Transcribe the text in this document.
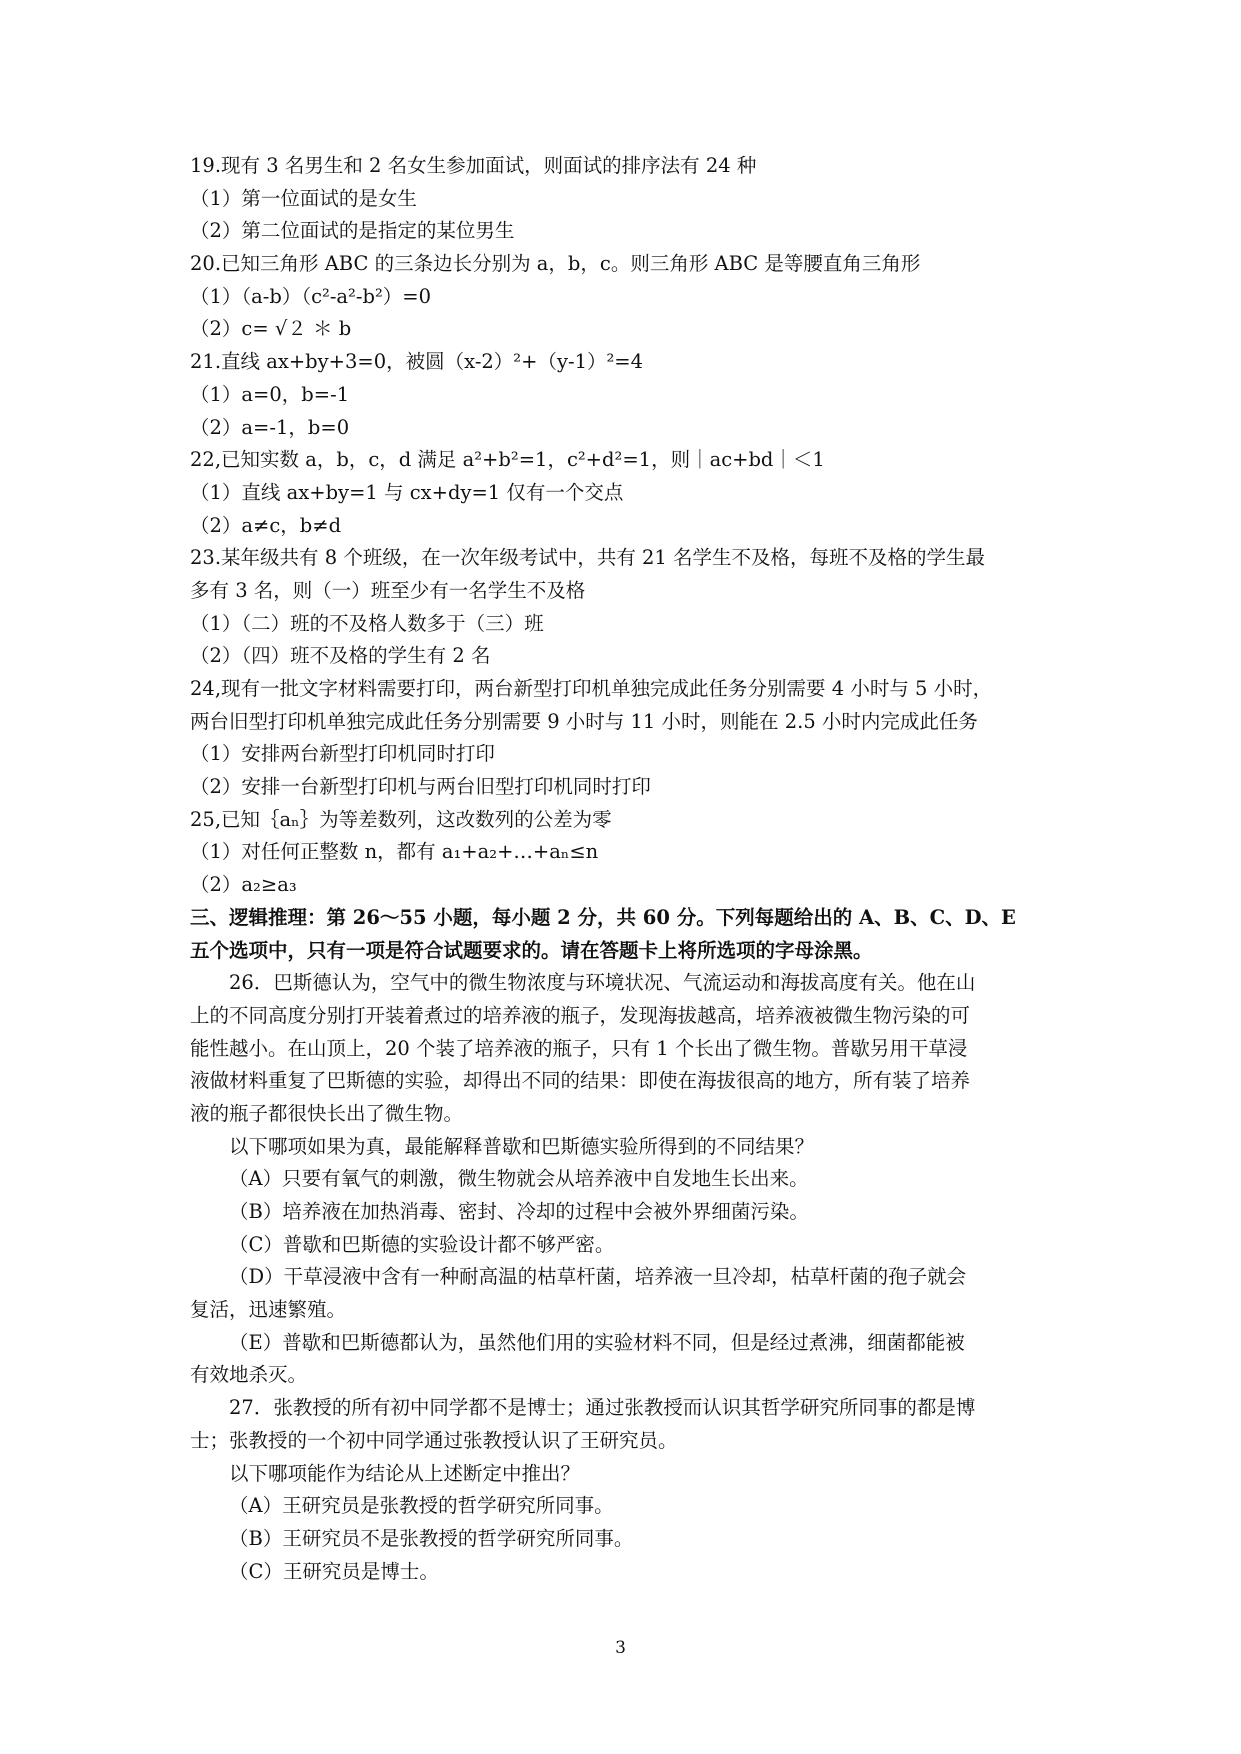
19.现有 3 名男生和 2 名女生参加面试，则面试的排序法有 24 种
（1）第一位面试的是女生
（2）第二位面试的是指定的某位男生
20.已知三角形 ABC 的三条边长分别为 a，b，c。则三角形 ABC 是等腰直角三角形
（1）（a-b）（c²-a²-b²）=0
（2）c= √２ ＊ b
21.直线 ax+by+3=0，被圆（x-2）²+（y-1）²=4
（1）a=0，b=-1
（2）a=-1，b=0
22,已知实数 a，b，c，d 满足 a²+b²=1，c²+d²=1，则｜ac+bd｜＜1
（1）直线 ax+by=1 与 cx+dy=1 仅有一个交点
（2）a≠c，b≠d
23.某年级共有 8 个班级，在一次年级考试中，共有 21 名学生不及格，每班不及格的学生最
多有 3 名，则（一）班至少有一名学生不及格
（1）（二）班的不及格人数多于（三）班
（2）（四）班不及格的学生有 2 名
24,现有一批文字材料需要打印，两台新型打印机单独完成此任务分别需要 4 小时与 5 小时，
两台旧型打印机单独完成此任务分别需要 9 小时与 11 小时，则能在 2.5 小时内完成此任务
（1）安排两台新型打印机同时打印
（2）安排一台新型打印机与两台旧型打印机同时打印
25,已知｛aₙ｝为等差数列，这改数列的公差为零
（1）对任何正整数 n，都有 a₁+a₂+…+aₙ≤n
（2）a₂≥a₃
三、逻辑推理：第 26～55 小题，每小题 2 分，共 60 分。下列每题给出的 A、B、C、D、E
五个选项中，只有一项是符合试题要求的。请在答题卡上将所选项的字母涂黑。
26．巴斯德认为，空气中的微生物浓度与环境状况、气流运动和海拔高度有关。他在山
上的不同高度分别打开装着煮过的培养液的瓶子，发现海拔越高，培养液被微生物污染的可
能性越小。在山顶上，20 个装了培养液的瓶子，只有 1 个长出了微生物。普歇另用干草浸
液做材料重复了巴斯德的实验，却得出不同的结果：即使在海拔很高的地方，所有装了培养
液的瓶子都很快长出了微生物。
以下哪项如果为真，最能解释普歇和巴斯德实验所得到的不同结果？
（A）只要有氧气的刺激，微生物就会从培养液中自发地生长出来。
（B）培养液在加热消毒、密封、冷却的过程中会被外界细菌污染。
（C）普歇和巴斯德的实验设计都不够严密。
（D）干草浸液中含有一种耐高温的枯草杆菌，培养液一旦冷却，枯草杆菌的孢子就会
复活，迅速繁殖。
（E）普歇和巴斯德都认为，虽然他们用的实验材料不同，但是经过煮沸，细菌都能被
有效地杀灭。
27．张教授的所有初中同学都不是博士；通过张教授而认识其哲学研究所同事的都是博
士；张教授的一个初中同学通过张教授认识了王研究员。
以下哪项能作为结论从上述断定中推出？
（A）王研究员是张教授的哲学研究所同事。
（B）王研究员不是张教授的哲学研究所同事。
（C）王研究员是博士。
3
